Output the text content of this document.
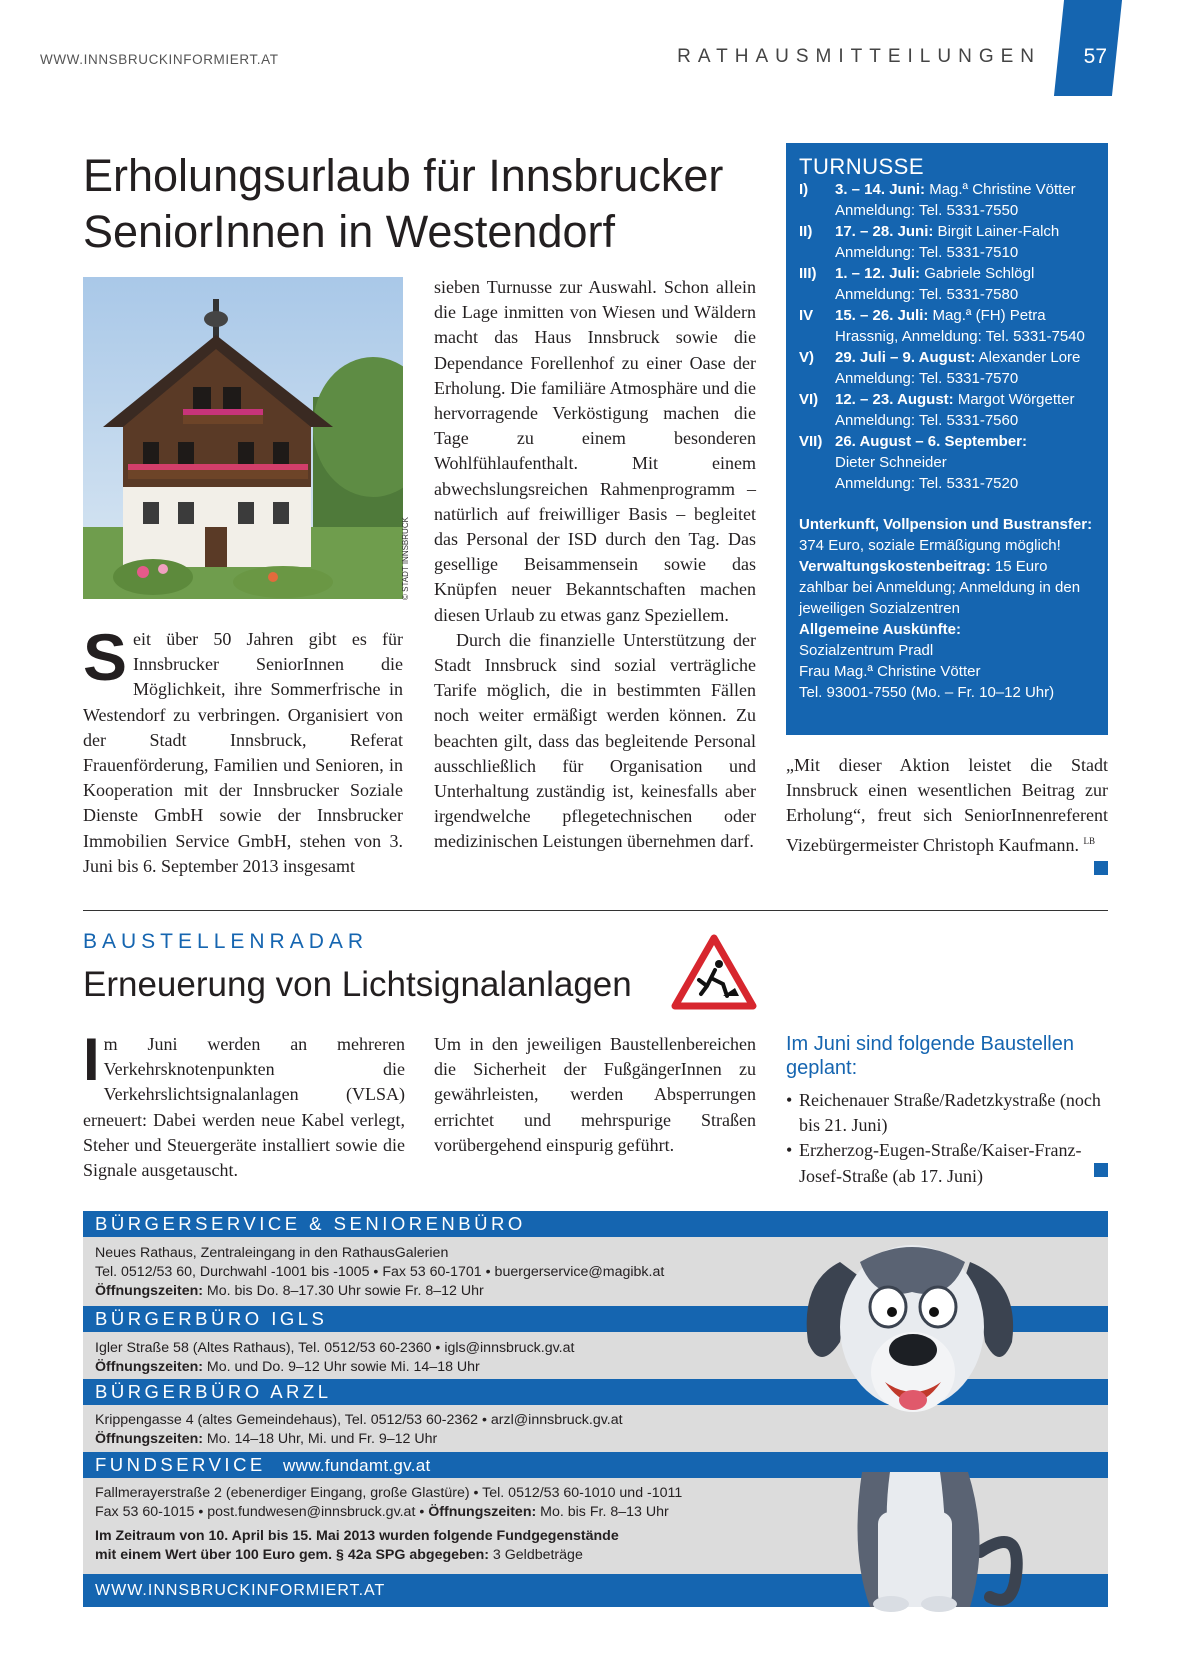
WWW.INNSBRUCKINFORMIERT.AT	RATHAUSMITTEILUNGEN 57
Erholungsurlaub für Innsbrucker
SeniorInnen in Westendorf
© STADT INNSBRUCK
S eit über 50 Jahren gibt es für Innsbrucker SeniorInnen die Möglichkeit, ihre Sommerfrische in Westendorf zu verbringen. Organisiert von der Stadt Innsbruck, Referat Frauenförderung, Familien und Senioren, in Kooperation mit der Innsbrucker Soziale Dienste GmbH sowie der Innsbrucker Immobilien Service GmbH, stehen von 3. Juni bis 6. September 2013 insgesamt

sieben Turnusse zur Auswahl. Schon allein die Lage inmitten von Wiesen und Wäldern macht das Haus Innsbruck sowie die Dependance Forellenhof zu einer Oase der Erholung. Die familiäre Atmosphäre und die hervorragende Verköstigung machen die Tage zu einem besonderen Wohlfühlaufenthalt. Mit einem abwechslungsreichen Rahmenprogramm – natürlich auf freiwilliger Basis – begleitet das Personal der ISD durch den Tag. Das gesellige Beisammensein sowie das Knüpfen neuer Bekanntschaften machen diesen Urlaub zu etwas ganz Speziellem.

Durch die finanzielle Unterstützung der Stadt Innsbruck sind sozial verträgliche Tarife möglich, die in bestimmten Fällen noch weiter ermäßigt werden können. Zu beachten gilt, dass das begleitende Personal ausschließlich für Organisation und Unterhaltung zuständig ist, keinesfalls aber irgendwelche pflegetechnischen oder medizinischen Leistungen übernehmen darf.

TURNUSSE
I)	3. – 14. Juni: Mag.ª Christine Vötter
Anmeldung: Tel. 5331-7550
II)	17. – 28. Juni: Birgit Lainer-Falch
Anmeldung: Tel. 5331-7510
III)	1. – 12. Juli: Gabriele Schlögl
Anmeldung: Tel. 5331-7580
IV	15. – 26. Juli: Mag.ª (FH) Petra Hrassnig, Anmeldung: Tel. 5331-7540
V)	29. Juli – 9. August: Alexander Lore
Anmeldung: Tel. 5331-7570
VI)	12. – 23. August: Margot Wörgetter
Anmeldung: Tel. 5331-7560
VII) 26. August – 6. September:
Dieter Schneider
Anmeldung: Tel. 5331-7520
Unterkunft, Vollpension und Bustransfer: 374 Euro, soziale Ermäßigung möglich!
Verwaltungskostenbeitrag: 15 Euro zahlbar bei Anmeldung; Anmeldung in den jeweiligen Sozialzentren
Allgemeine Auskünfte:
Sozialzentrum Pradl
Frau Mag.ª Christine Vötter
Tel. 93001-7550 (Mo. – Fr. 10–12 Uhr)
„Mit dieser Aktion leistet die Stadt Innsbruck einen wesentlichen Beitrag zur Erholung“, freut sich SeniorInnenreferent Vizebürgermeister Christoph Kaufmann. $^{LB}$
BAUSTELLENRADAR
Erneuerung von Lichtsignalanlagen
I m Juni werden an mehreren Verkehrsknotenpunkten die Verkehrslichtsignalanlagen (VLSA) erneuert: Dabei werden neue Kabel verlegt, Steher und Steuergeräte installiert sowie die Signale ausgetauscht.
Um in den jeweiligen Baustellenbereichen die Sicherheit der FußgängerInnen zu gewährleisten, werden Absperrungen errichtet und mehrspurige Straßen vorübergehend einspurig geführt.
Im Juni sind folgende Baustellen geplant:
• Reichenauer Straße/Radetzkystraße (noch bis 21. Juni)
• Erzherzog-Eugen-Straße/Kaiser-Franz-Josef-Straße (ab 17. Juni)
BÜRGERSERVICE & SENIORENBÜRO
Neues Rathaus, Zentraleingang in den RathausGalerien
Tel. 0512/53 60, Durchwahl -1001 bis -1005 • Fax 53 60-1701 • buergerservice@magibk.at
Öffnungszeiten: Mo. bis Do. 8–17.30 Uhr sowie Fr. 8–12 Uhr
BÜRGERBÜRO IGLS
Igler Straße 58 (Altes Rathaus), Tel. 0512/53 60-2360 • igls@innsbruck.gv.at
Öffnungszeiten: Mo. und Do. 9–12 Uhr sowie Mi. 14–18 Uhr
BÜRGERBÜRO ARZL
Krippengasse 4 (altes Gemeindehaus), Tel. 0512/53 60-2362 • arzl@innsbruck.gv.at
Öffnungszeiten: Mo. 14–18 Uhr, Mi. und Fr. 9–12 Uhr
FUNDSERVICE www.fundamt.gv.at
Fallmerayerstraße 2 (ebenerdiger Eingang, große Glastüre) • Tel. 0512/53 60-1010 und -1011
Fax 53 60-1015 • post.fundwesen@innsbruck.gv.at • Öffnungszeiten: Mo. bis Fr. 8–13 Uhr
Im Zeitraum von 10. April bis 15. Mai 2013 wurden folgende Fundgegenstände
mit einem Wert über 100 Euro gem. § 42a SPG abgegeben: 3 Geldbeträge
WWW.INNSBRUCKINFORMIERT.AT
